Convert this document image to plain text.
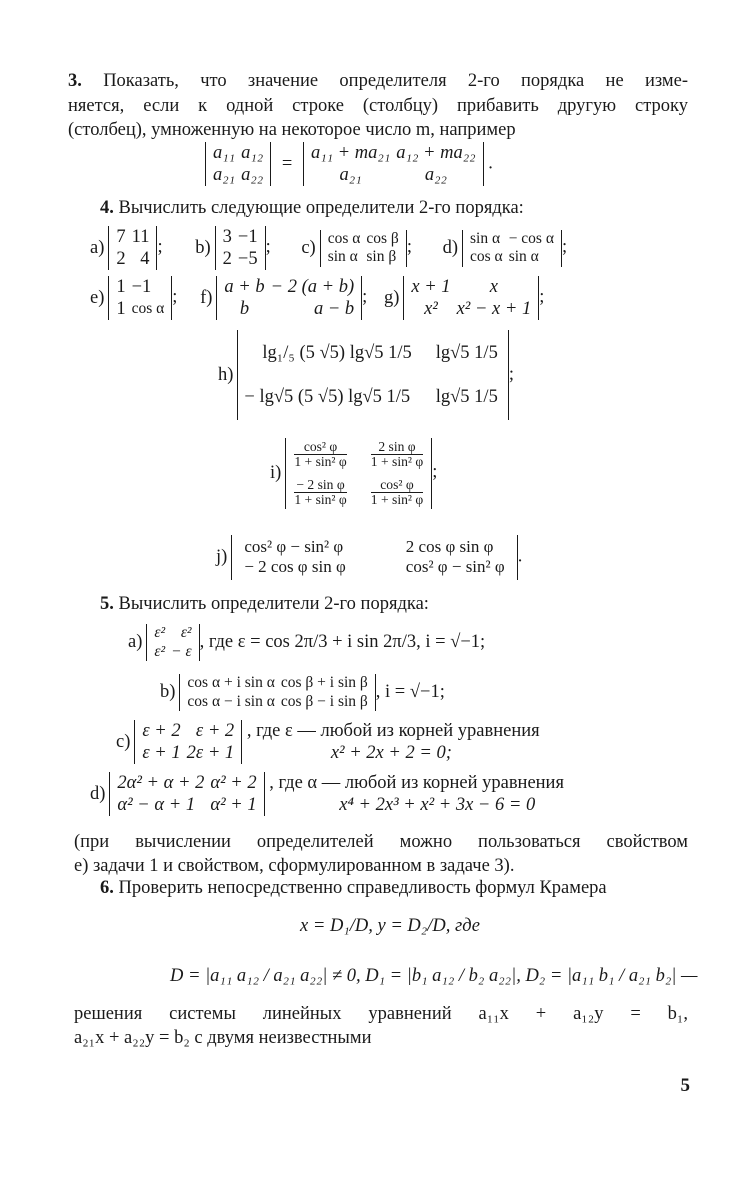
3. Показать, что значение определителя 2-го порядка не изме-
няется, если к одной строке (столбцу) прибавить другую строку
(столбец), умноженную на некоторое число m, например
a₁₁	a₁₂
a₂₁	a₂₂
=
a₁₁ + ma₂₁	a₁₂ + ma₂₂
a₂₁	a₂₂
.
4. Вычислить следующие определители 2-го порядка:
a)
7	11
2	4
; b)
3	−1
2	−5
; c) cos α	cos β
sin α	sin β ; d) sin α	− cos α
cos α	sin α ;
e)
1	−1
1	cos α
; f)
a + b	− 2 (a + b)
b	a − b
; g)
x + 1	x
x²	x² − x + 1
;
h)
lg₁/₅ (5 √5) lg√5 1/5	lg√5 1/5
− lg√5 (5 √5) lg√5 1/5	lg√5 1/5
;
i)
$\frac{\text{cos² φ}}{\text{1 + sin² φ}}$	$\frac{\text{2 sin φ}}{\text{1 + sin² φ}}$

$\frac{\text{− 2 sin φ}}{\text{1 + sin² φ}}$	$\frac{\text{cos² φ}}{\text{1 + sin² φ}}$
;
j)
cos² φ − sin² φ	2 cos φ sin φ
− 2 cos φ sin φ	cos² φ − sin² φ
.
5. Вычислить определители 2-го порядка:
a) ε²	ε²
ε²	− ε , где ε = cos 2π/3 + i sin 2π/3, i = √−1;
b) cos α + i sin α	cos β + i sin β
cos α − i sin α	cos β − i sin β , i = √−1;
c)
ε + 2	ε + 2
ε + 1	2ε + 1
, где ε — любой из корней уравнения
x² + 2x + 2 = 0;
d)
2α² + α + 2	α² + 2
α² − α + 1	α² + 1
, где α — любой из корней уравнения
x⁴ + 2x³ + x² + 3x − 6 = 0
(при вычислении определителей можно пользоваться свойством
e) задачи 1 и свойством, сформулированном в задаче 3).
6. Проверить непосредственно справедливость формул Крамера
x = D₁/D, y = D₂/D, где
D = |a₁₁ a₁₂ / a₂₁ a₂₂| ≠ 0, D₁ = |b₁ a₁₂ / b₂ a₂₂|, D₂ = |a₁₁ b₁ / a₂₁ b₂| —
решения системы линейных уравнений a₁₁x + a₁₂y = b₁,
a₂₁x + a₂₂y = b₂ с двумя неизвестными
5
